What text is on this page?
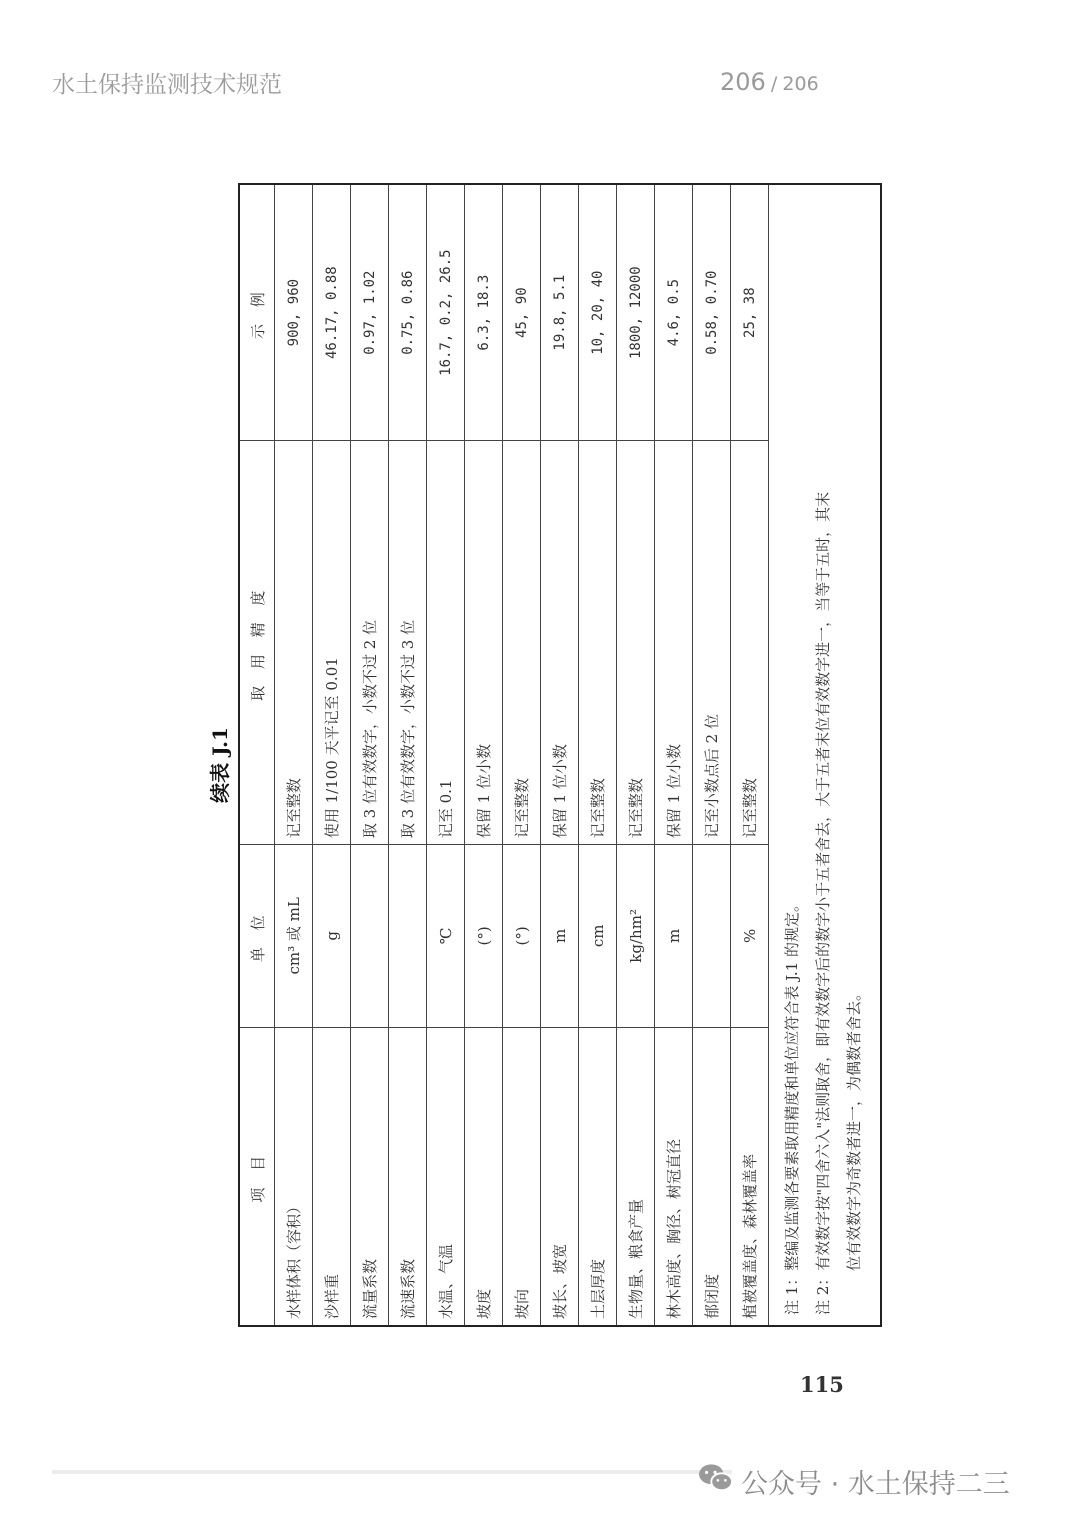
水土保持监测技术规范	206 / 206
续表 J.1
项 目	单 位	取 用 精 度	示 例
水样体积（容积）	cm³ 或 mL	记至整数	900, 960
沙样重	g	使用 1/100 天平记至 0.01	46.17, 0.88
流量系数		取 3 位有效数字，小数不过 2 位	0.97, 1.02
流速系数		取 3 位有效数字，小数不过 3 位	0.75, 0.86
水温、气温	℃	记至 0.1	16.7, 0.2, 26.5
坡度	(°)	保留 1 位小数	6.3, 18.3
坡向	(°)	记至整数	45, 90
坡长、坡宽	m	保留 1 位小数	19.8, 5.1
土层厚度	cm	记至整数	10, 20, 40
生物量、粮食产量	kg/hm²	记至整数	1800, 12000
林木高度、胸径、树冠直径	m	保留 1 位小数	4.6, 0.5
郁闭度		记至小数点后 2 位	0.58, 0.70
植被覆盖度、森林覆盖率	%	记至整数	25, 38

注 1：整编及监测各要素取用精度和单位应符合表 J.1 的规定。 注 2：有效数字按"四舍六入"法则取舍，即有效数字后的数字小于五者舍去，大于五者末位有效数字进一，当等于五时，其末 位有效数字为奇数者进一，为偶数者舍去。			
115
公众号 · 水土保持二三
